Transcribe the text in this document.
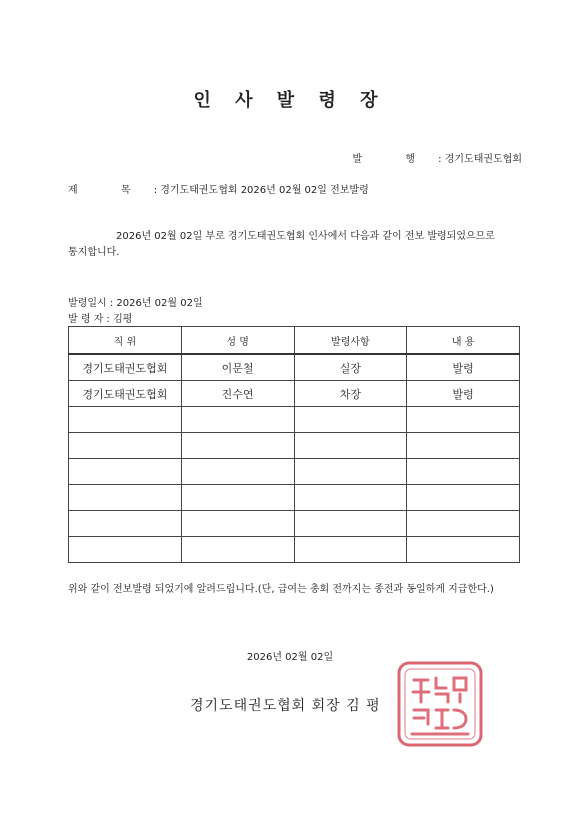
인 사 발 령 장
발 행 : 경기도태권도협회
제 목 : 경기도태권도협회 2026년 02월 02일 전보발령
2026년 02월 02일 부로 경기도태권도협회 인사에서 다음과 같이 전보 발령되었으므로 통지합니다.
발령일시 : 2026년 02월 02일
발 령 자 : 김평
직 위	성 명	발령사항	내 용
경기도태권도협회	이문철	실장	발령
경기도태권도협회	진수연	차장	발령

위와 같이 전보발령 되었기에 알려드립니다.(단, 급여는 총회 전까지는 종전과 동일하게 지급한다.)
2026년 02월 02일
경기도태권도협회 회장 김 평
